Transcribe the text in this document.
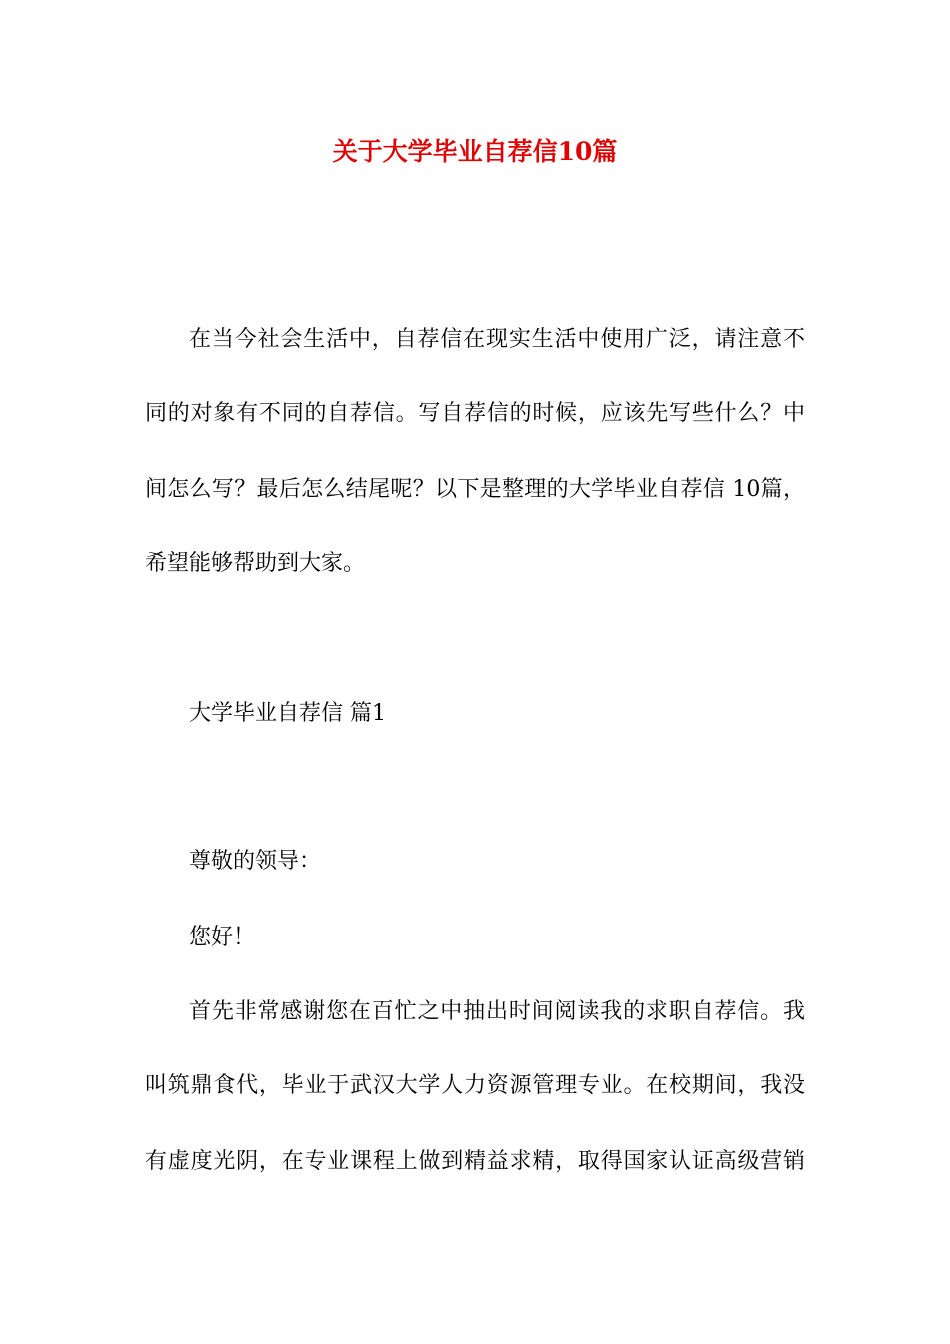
关于大学毕业自荐信10篇
在当今社会生活中，自荐信在现实生活中使用广泛，请注意不
同的对象有不同的自荐信。写自荐信的时候，应该先写些什么？中
间怎么写？最后怎么结尾呢？以下是整理的大学毕业自荐信 10篇，
希望能够帮助到大家。
大学毕业自荐信 篇1
尊敬的领导：
您好！
首先非常感谢您在百忙之中抽出时间阅读我的求职自荐信。我
叫筑鼎食代，毕业于武汉大学人力资源管理专业。在校期间，我没
有虚度光阴，在专业课程上做到精益求精，取得国家认证高级营销
